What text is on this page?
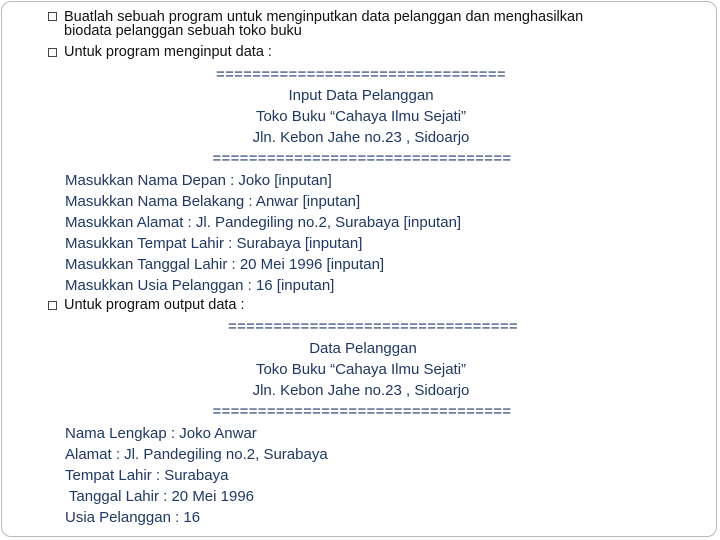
Buatlah sebuah program untuk menginputkan data pelanggan dan menghasilkan
biodata pelanggan sebuah toko buku
Untuk program menginput data :
================================
Input Data Pelanggan
Toko Buku “Cahaya Ilmu Sejati”
Jln. Kebon Jahe no.23 , Sidoarjo
=================================
Masukkan Nama Depan : Joko [inputan]
Masukkan Nama Belakang : Anwar [inputan]
Masukkan Alamat : Jl. Pandegiling no.2, Surabaya [inputan]
Masukkan Tempat Lahir : Surabaya [inputan]
Masukkan Tanggal Lahir : 20 Mei 1996 [inputan]
Masukkan Usia Pelanggan : 16 [inputan]
Untuk program output data :
================================
Data Pelanggan
Toko Buku “Cahaya Ilmu Sejati”
Jln. Kebon Jahe no.23 , Sidoarjo
=================================
Nama Lengkap : Joko Anwar
Alamat : Jl. Pandegiling no.2, Surabaya
Tempat Lahir : Surabaya
Tanggal Lahir : 20 Mei 1996
Usia Pelanggan : 16
